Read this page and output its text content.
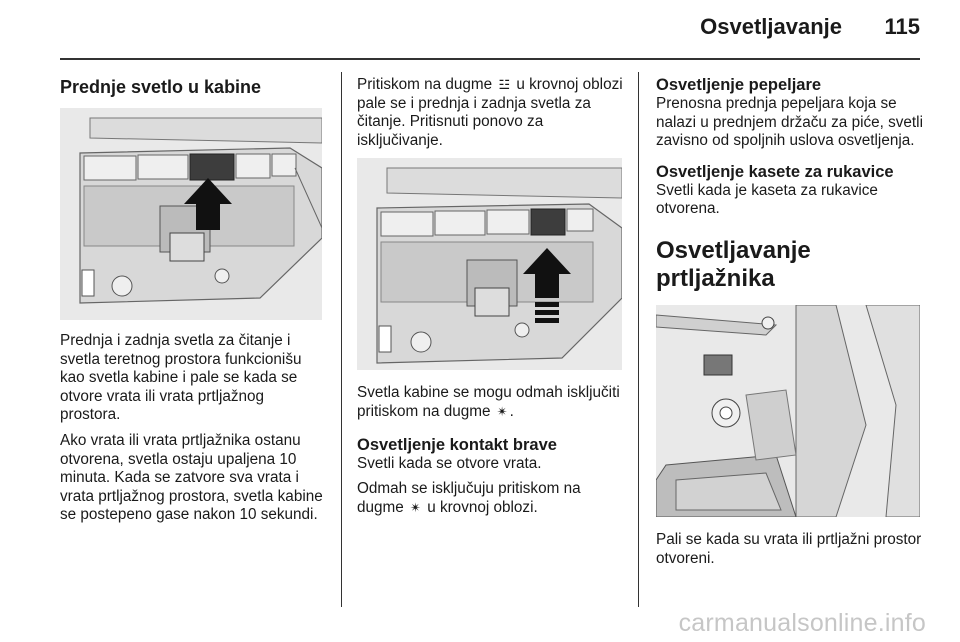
Osvetljavanje 115
Prednje svetlo u kabine

Prednja i zadnja svetla za čitanje i svetla teretnog prostora funkcionišu kao svetla kabine i pale se kada se otvore vrata ili vrata prtljažnog prostora.

Ako vrata ili vrata prtljažnika ostanu otvorena, svetla ostaju upaljena 10 minuta. Kada se zatvore sva vrata i vrata prtljažnog prostora, svetla kabine se postepeno gase nakon 10 sekundi.

Pritiskom na dugme ☳ u krovnoj oblozi pale se i prednja i zadnja svetla za čitanje. Pritisnuti ponovo za isključivanje.

Svetla kabine se mogu odmah isključiti pritiskom na dugme ✴ .

Osvetljenje kontakt brave

Svetli kada se otvore vrata.

Odmah se isključuju pritiskom na dugme ✴ u krovnoj oblozi.

Osvetljenje pepeljare

Prenosna prednja pepeljara koja se nalazi u prednjem držaču za piće, svetli zavisno od spoljnih uslova osvetljenja.

Osvetljenje kasete za rukavice

Svetli kada je kaseta za rukavice otvorena.

Osvetljavanje prtljažnika

Pali se kada su vrata ili prtljažni prostor otvoreni.

carmanualsonline.info
